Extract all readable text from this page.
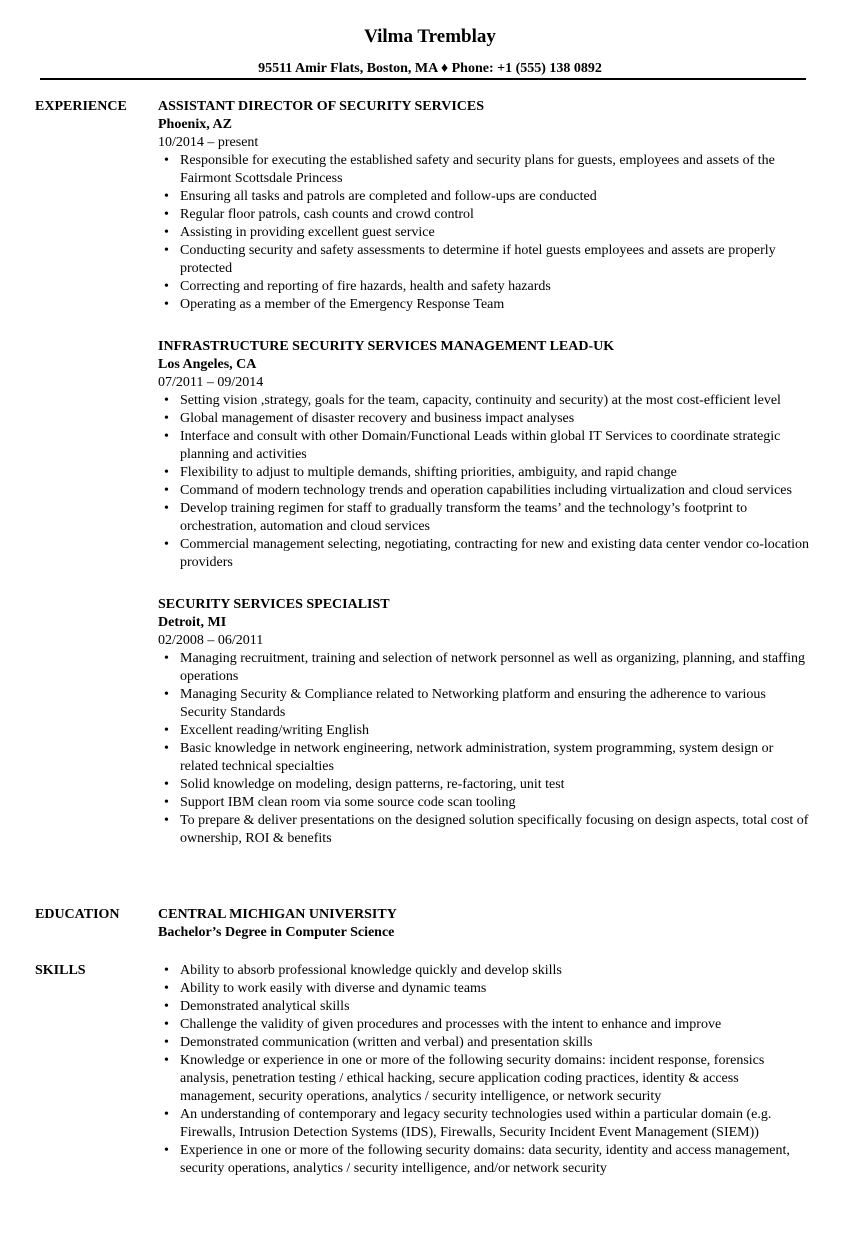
Vilma Tremblay
95511 Amir Flats, Boston, MA ♦ Phone: +1 (555) 138 0892
EXPERIENCE	ASSISTANT DIRECTOR OF SECURITY SERVICES
Phoenix, AZ
10/2014 – present
• Responsible for executing the established safety and security plans for guests, employees and assets of the Fairmont Scottsdale Princess
• Ensuring all tasks and patrols are completed and follow-ups are conducted
• Regular floor patrols, cash counts and crowd control
• Assisting in providing excellent guest service
• Conducting security and safety assessments to determine if hotel guests employees and assets are properly protected
• Correcting and reporting of fire hazards, health and safety hazards
• Operating as a member of the Emergency Response Team
INFRASTRUCTURE SECURITY SERVICES MANAGEMENT LEAD-UK
Los Angeles, CA
07/2011 – 09/2014
• Setting vision ,strategy, goals for the team, capacity, continuity and security) at the most cost-efficient level
• Global management of disaster recovery and business impact analyses
• Interface and consult with other Domain/Functional Leads within global IT Services to coordinate strategic planning and activities
• Flexibility to adjust to multiple demands, shifting priorities, ambiguity, and rapid change
• Command of modern technology trends and operation capabilities including virtualization and cloud services
• Develop training regimen for staff to gradually transform the teams’ and the technology’s footprint to orchestration, automation and cloud services
• Commercial management selecting, negotiating, contracting for new and existing data center vendor co-location providers
SECURITY SERVICES SPECIALIST
Detroit, MI
02/2008 – 06/2011
• Managing recruitment, training and selection of network personnel as well as organizing, planning, and staffing operations
• Managing Security & Compliance related to Networking platform and ensuring the adherence to various Security Standards
• Excellent reading/writing English
• Basic knowledge in network engineering, network administration, system programming, system design or related technical specialties
• Solid knowledge on modeling, design patterns, re-factoring, unit test
• Support IBM clean room via some source code scan tooling
• To prepare & deliver presentations on the designed solution specifically focusing on design aspects, total cost of ownership, ROI & benefits
EDUCATION	CENTRAL MICHIGAN UNIVERSITY
Bachelor’s Degree in Computer Science
SKILLS
•	Ability to absorb professional knowledge quickly and develop skills
• Ability to work easily with diverse and dynamic teams
• Demonstrated analytical skills
• Challenge the validity of given procedures and processes with the intent to enhance and improve
• Demonstrated communication (written and verbal) and presentation skills
• Knowledge or experience in one or more of the following security domains: incident response, forensics analysis, penetration testing / ethical hacking, secure application coding practices, identity & access management, security operations, analytics / security intelligence, or network security
• An understanding of contemporary and legacy security technologies used within a particular domain (e.g. Firewalls, Intrusion Detection Systems (IDS), Firewalls, Security Incident Event Management (SIEM))
• Experience in one or more of the following security domains: data security, identity and access management, security operations, analytics / security intelligence, and/or network security
